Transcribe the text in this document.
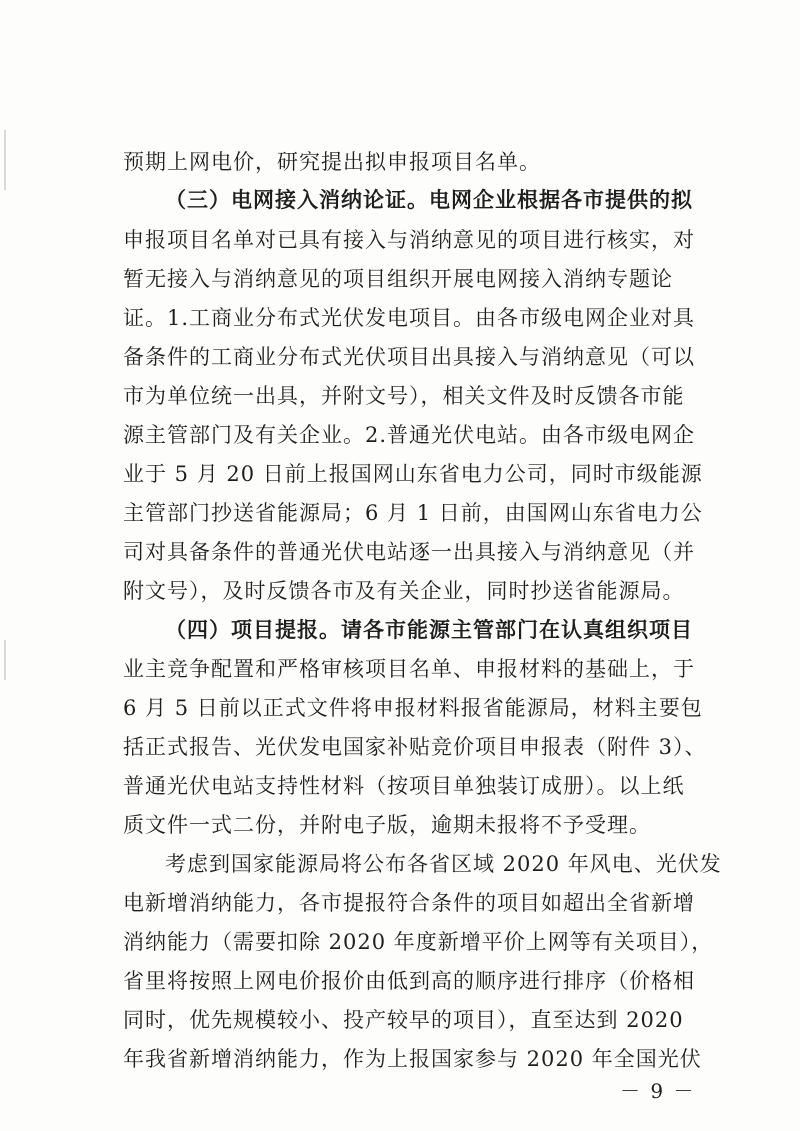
预期上网电价，研究提出拟申报项目名单。
（三）电网接入消纳论证。电网企业根据各市提供的拟
申报项目名单对已具有接入与消纳意见的项目进行核实，对
暂无接入与消纳意见的项目组织开展电网接入消纳专题论
证。1.工商业分布式光伏发电项目。由各市级电网企业对具
备条件的工商业分布式光伏项目出具接入与消纳意见（可以
市为单位统一出具，并附文号），相关文件及时反馈各市能
源主管部门及有关企业。2.普通光伏电站。由各市级电网企
业于 5 月 20 日前上报国网山东省电力公司，同时市级能源
主管部门抄送省能源局；6 月 1 日前，由国网山东省电力公
司对具备条件的普通光伏电站逐一出具接入与消纳意见（并
附文号），及时反馈各市及有关企业，同时抄送省能源局。
（四）项目提报。请各市能源主管部门在认真组织项目
业主竞争配置和严格审核项目名单、申报材料的基础上，于
6 月 5 日前以正式文件将申报材料报省能源局，材料主要包
括正式报告、光伏发电国家补贴竞价项目申报表（附件 3）、
普通光伏电站支持性材料（按项目单独装订成册）。以上纸
质文件一式二份，并附电子版，逾期未报将不予受理。
考虑到国家能源局将公布各省区域 2020 年风电、光伏发
电新增消纳能力，各市提报符合条件的项目如超出全省新增
消纳能力（需要扣除 2020 年度新增平价上网等有关项目），
省里将按照上网电价报价由低到高的顺序进行排序（价格相
同时，优先规模较小、投产较早的项目），直至达到 2020
年我省新增消纳能力，作为上报国家参与 2020 年全国光伏
－ 9 －
